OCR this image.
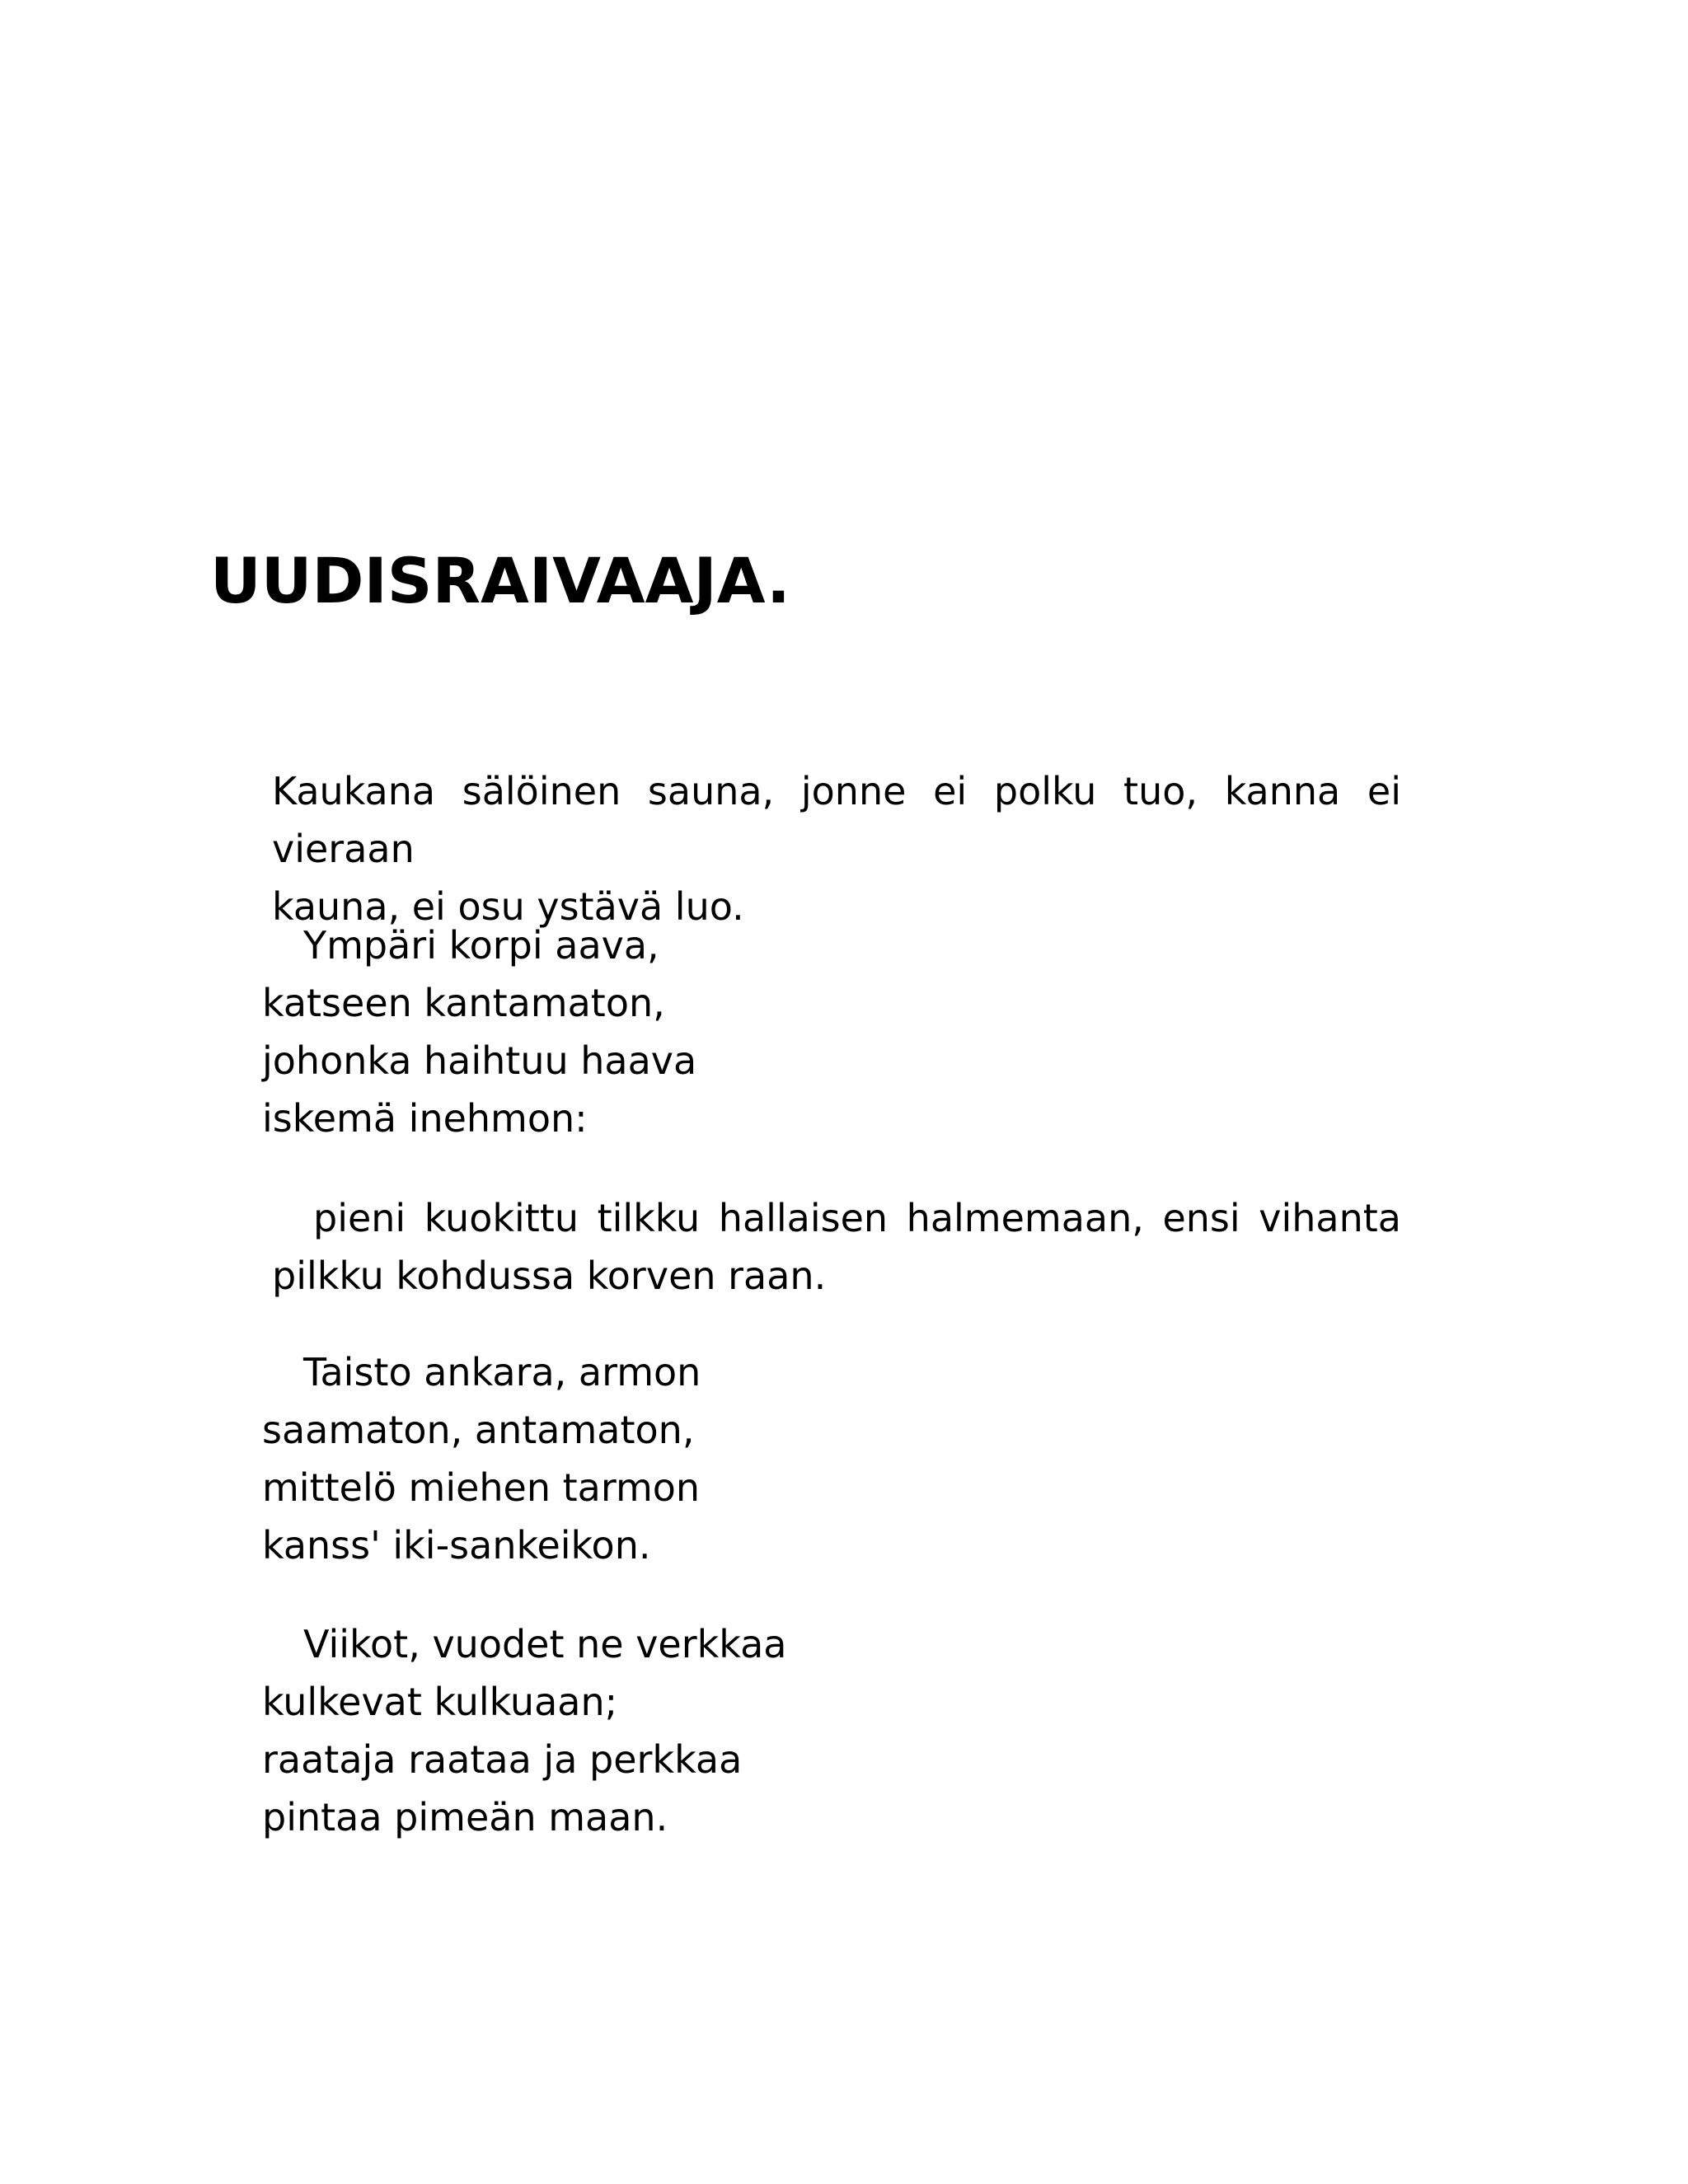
UUDISRAIVAAJA.

Kaukana sälöinen sauna, jonne ei polku tuo, kanna ei vieraan
kauna, ei osu ystävä luo.

Ympäri korpi aava,
katseen kantamaton,
johonka haihtuu haava
iskemä inehmon:

pieni kuokittu tilkku hallaisen halmemaan, ensi vihanta
pilkku kohdussa korven raan.

Taisto ankara, armon
saamaton, antamaton,
mittelö miehen tarmon
kanss' iki-sankeikon.
Viikot, vuodet ne verkkaa
kulkevat kulkuaan;
raataja raataa ja perkkaa
pintaa pimeän maan.
